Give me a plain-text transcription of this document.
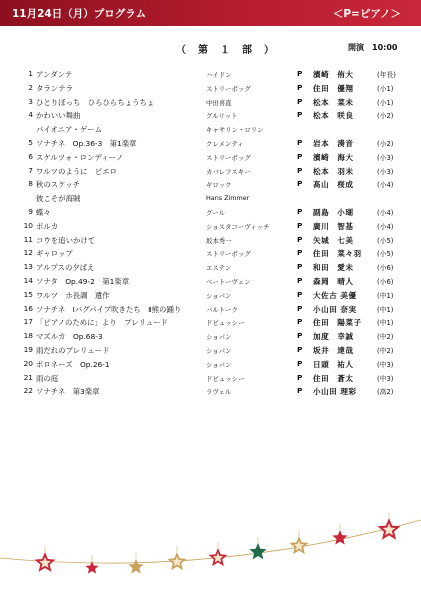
11月24日（月）プログラム	＜P=ピアノ＞
（　第　１　部　）	開演　10:00
1 アンダンテ	ハイドン	P 濱崎　侑大	(年長)
2 タランテラ	ストリーボッグ	P 住田　優翔	(小1)
3 ひとりぼっち　ひらひらちょうちょ	中田喜直	P 松本　菜未	(小1)
4 かわいい舞曲	グルリット	P 松本　咲良	(小2)
パイオニア・ゲーム	キャサリン・ロリン
5 ソナチネ　Op.36-3　第1楽章	クレメンティ	P 岩本　湊音	(小2)
6 スケルツォ・ロンディーノ	ストリーボッグ	P 濱崎　海大	(小3)
7 ワルツのように　ピエロ	カバレフスキー	P 松本　羽未	(小3)
8 秋のスケッチ	ギロック	P 髙山　桜成	(小4)
彼こそが海賊	Hans Zimmer
9 蝶々	グール	P 副島　小瑚	(小4)
10 ポルカ	ショスタコーヴィッチ	P 廣川　智基	(小4)
11 コウを追いかけて	坂本秀一	P 矢城　七美	(小5)
12 ギャロップ	ストリーボッグ	P 住田　菜々羽 (小5)
13 アルプスの夕ばえ	エステン	P 和田　愛未	(小6)
14 ソナタ　Op.49-2　第1楽章	ベートーヴェン	P 森岡　晴人	(小6)
15 ワルツ　ホ長調　遺作	ショパン	P 大佐古 美優	(中1)
16 ソナチネ　Ⅰバグパイプ吹きたち　Ⅱ熊の踊り	バルトーク	P 小山田 奈実	(中1)
17 「ピアノのために」より　プレリュード	ドビュッシー	P 住田　陽菜子 (中1)
18 マズルカ　Op.68-3	ショパン	P 加度　幸誠	(中2)
19 雨だれのプレリュード	ショパン	P 坂井　達哉	(中2)
20 ポロネーズ　Op.26-1	ショパン	P 日頭　祐人	(中3)
21 雨の庭	ドビュッシー	P 住田　蒼太	(中3)
22 ソナチネ　第3楽章	ラヴェル	P 小山田 理彩	(高2)
